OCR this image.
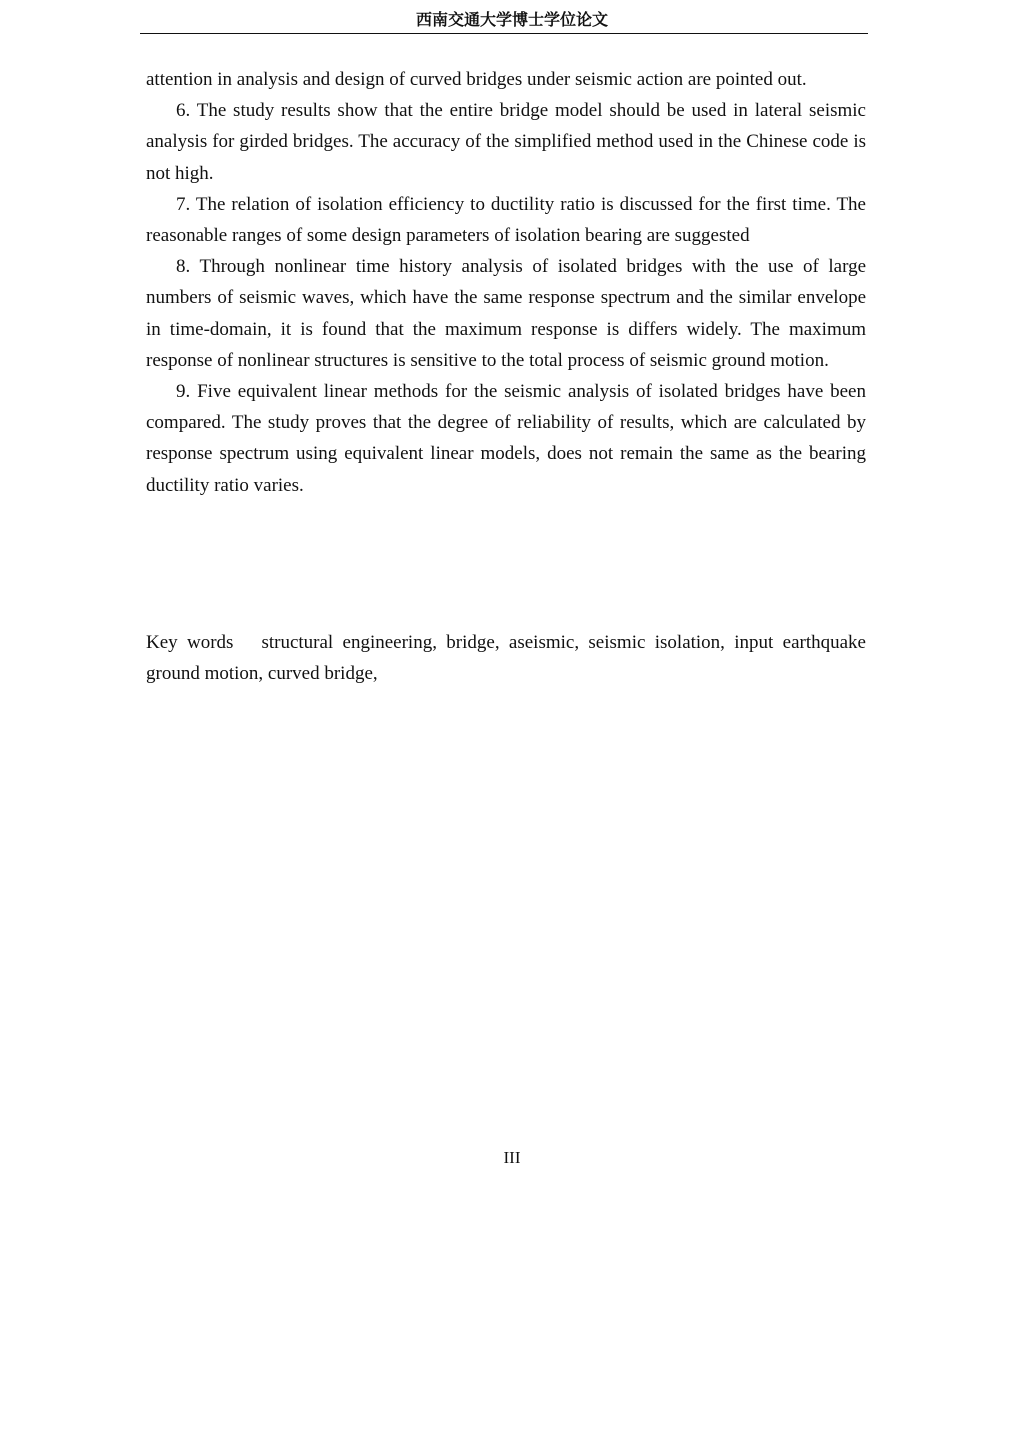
西南交通大学博士学位论文

attention in analysis and design of curved bridges under seismic action are pointed out.

6. The study results show that the entire bridge model should be used in lateral seismic analysis for girded bridges. The accuracy of the simplified method used in the Chinese code is not high.

7. The relation of isolation efficiency to ductility ratio is discussed for the first time. The reasonable ranges of some design parameters of isolation bearing are suggested

8. Through nonlinear time history analysis of isolated bridges with the use of large numbers of seismic waves, which have the same response spectrum and the similar envelope in time-domain, it is found that the maximum response is differs widely. The maximum response of nonlinear structures is sensitive to the total process of seismic ground motion.

9. Five equivalent linear methods for the seismic analysis of isolated bridges have been compared. The study proves that the degree of reliability of results, which are calculated by response spectrum using equivalent linear models, does not remain the same as the bearing ductility ratio varies.

Key words structural engineering, bridge, aseismic, seismic isolation, input earthquake ground motion, curved bridge,
III
